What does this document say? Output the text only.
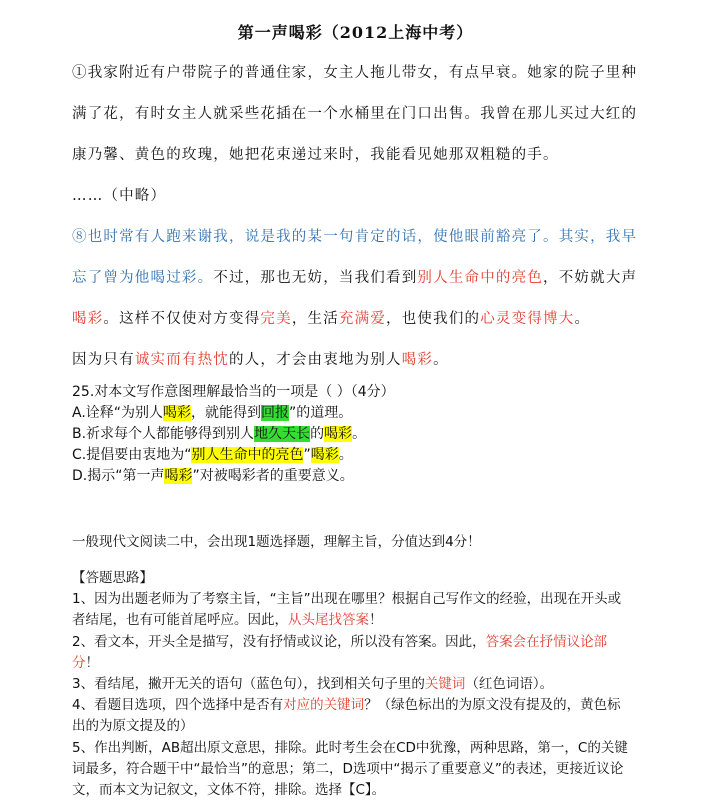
第一声喝彩（2012上海中考）
①我家附近有户带院子的普通住家，女主人拖儿带女，有点早衰。她家的院子里种满了花，有时女主人就采些花插在一个水桶里在门口出售。我曾在那儿买过大红的康乃馨、黄色的玫瑰，她把花束递过来时，我能看见她那双粗糙的手。
……（中略）
⑧也时常有人跑来谢我，说是我的某一句肯定的话，使他眼前豁亮了。其实，我早忘了曾为他喝过彩。不过，那也无妨，当我们看到别人生命中的亮色，不妨就大声喝彩。这样不仅使对方变得完美，生活充满爱，也使我们的心灵变得博大。
因为只有诚实而有热忱的人，才会由衷地为别人喝彩。

25.对本文写作意图理解最恰当的一项是（ ）（4分）

A.诠释“为别人喝彩，就能得到回报”的道理。

B.祈求每个人都能够得到别人地久天长的喝彩。

C.提倡要由衷地为“别人生命中的亮色”喝彩。

D.揭示“第一声喝彩”对被喝彩者的重要意义。

一般现代文阅读二中，会出现1题选择题，理解主旨，分值达到4分！

【答题思路】

1、因为出题老师为了考察主旨，“主旨”出现在哪里？根据自己写作文的经验，出现在开头或者结尾，也有可能首尾呼应。因此，从头尾找答案！

2、看文本，开头全是描写，没有抒情或议论，所以没有答案。因此，答案会在抒情议论部分！

3、看结尾，撇开无关的语句（蓝色句），找到相关句子里的关键词（红色词语）。

4、看题目选项，四个选择中是否有对应的关键词？（绿色标出的为原文没有提及的，黄色标出的为原文提及的）

5、作出判断，AB超出原文意思，排除。此时考生会在CD中犹豫，两种思路，第一，C的关键词最多，符合题干中“最恰当”的意思；第二，D选项中“揭示了重要意义”的表述，更接近议论文，而本文为记叙文，文体不符，排除。选择【C】。
